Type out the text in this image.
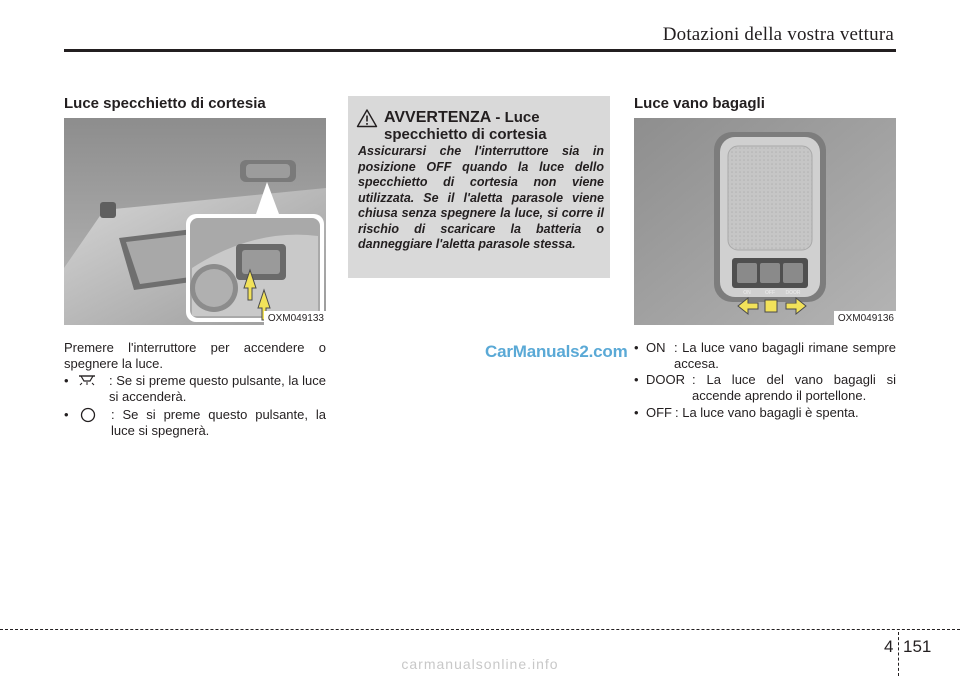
Dotazioni della vostra vettura
Luce specchietto di cortesia
OXM049133
Premere l'interruttore per accendere o spegnere la luce.
•	: Se si preme questo pulsante, la luce si accenderà.
•	: Se si preme questo pulsante, la luce si spegnerà.
AVVERTENZA - Luce specchietto di cortesia
Assicurarsi che l'interruttore sia in posizione OFF quando la luce dello specchietto di cortesia non viene utilizzata. Se il l'aletta parasole viene chiusa senza spegnere la luce, si corre il rischio di scaricare la batteria o danneggiare l'aletta parasole stessa.
CarManuals2.com
Luce vano bagagli
ON	OFF DOOR
OXM049136
• ON : La luce vano bagagli rimane sempre accesa.
• DOOR : La luce del vano bagagli si accende aprendo il portellone.
• OFF : La luce vano bagagli è spenta.
4 151
carmanualsonline.info
